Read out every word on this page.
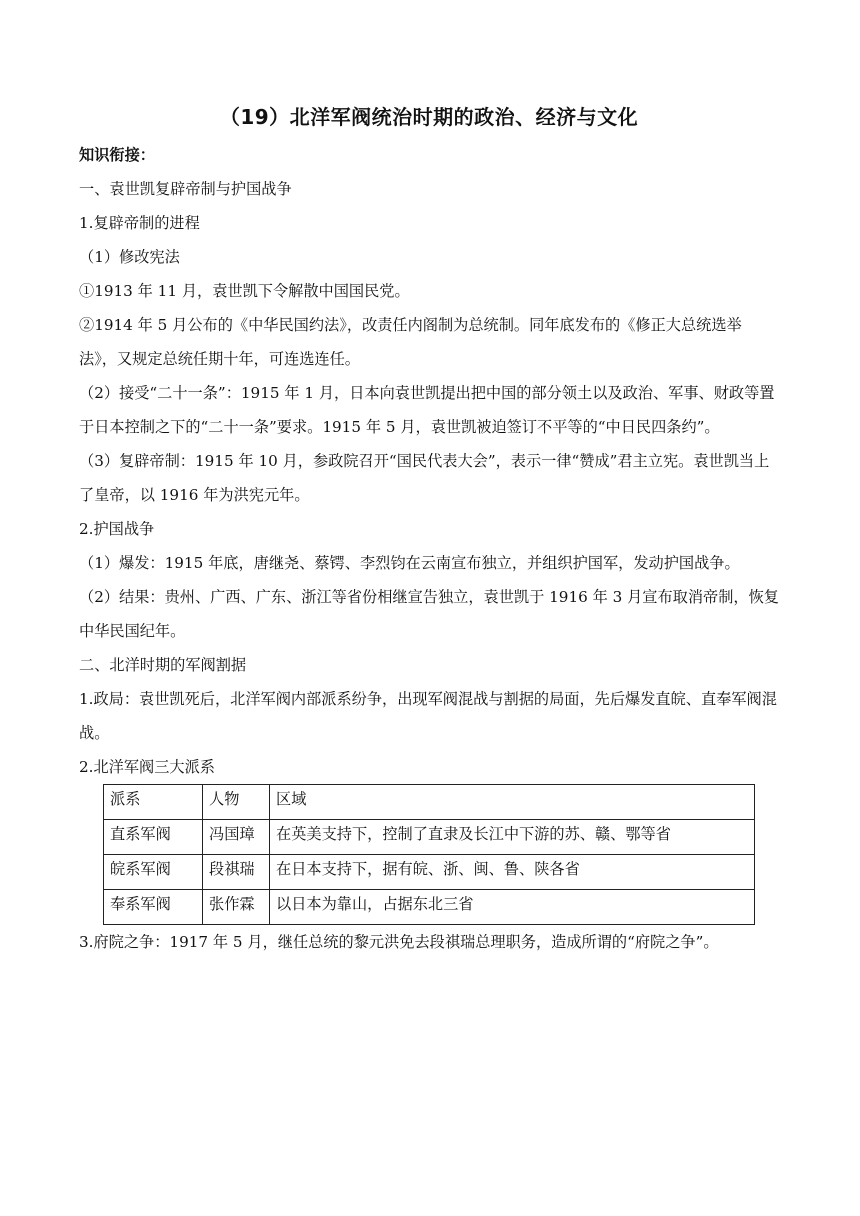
（19）北洋军阀统治时期的政治、经济与文化

知识衔接：

一、袁世凯复辟帝制与护国战争

1.复辟帝制的进程

（1）修改宪法

①1913 年 11 月，袁世凯下令解散中国国民党。

②1914 年 5 月公布的《中华民国约法》，改责任内阁制为总统制。同年底发布的《修正大总统选举法》，又规定总统任期十年，可连选连任。

（2）接受“二十一条”：1915 年 1 月，日本向袁世凯提出把中国的部分领土以及政治、军事、财政等置于日本控制之下的“二十一条”要求。1915 年 5 月，袁世凯被迫签订不平等的“中日民四条约”。

（3）复辟帝制：1915 年 10 月，参政院召开“国民代表大会”，表示一律“赞成”君主立宪。袁世凯当上了皇帝，以 1916 年为洪宪元年。

2.护国战争

（1）爆发：1915 年底，唐继尧、蔡锷、李烈钧在云南宣布独立，并组织护国军，发动护国战争。

（2）结果：贵州、广西、广东、浙江等省份相继宣告独立，袁世凯于 1916 年 3 月宣布取消帝制，恢复中华民国纪年。

二、北洋时期的军阀割据

1.政局：袁世凯死后，北洋军阀内部派系纷争，出现军阀混战与割据的局面，先后爆发直皖、直奉军阀混战。

2.北洋军阀三大派系

派系	人物	区域
直系军阀	冯国璋	在英美支持下，控制了直隶及长江中下游的苏、赣、鄂等省
皖系军阀	段祺瑞	在日本支持下，据有皖、浙、闽、鲁、陕各省
奉系军阀	张作霖	以日本为靠山，占据东北三省

3.府院之争：1917 年 5 月，继任总统的黎元洪免去段祺瑞总理职务，造成所谓的“府院之争”。
